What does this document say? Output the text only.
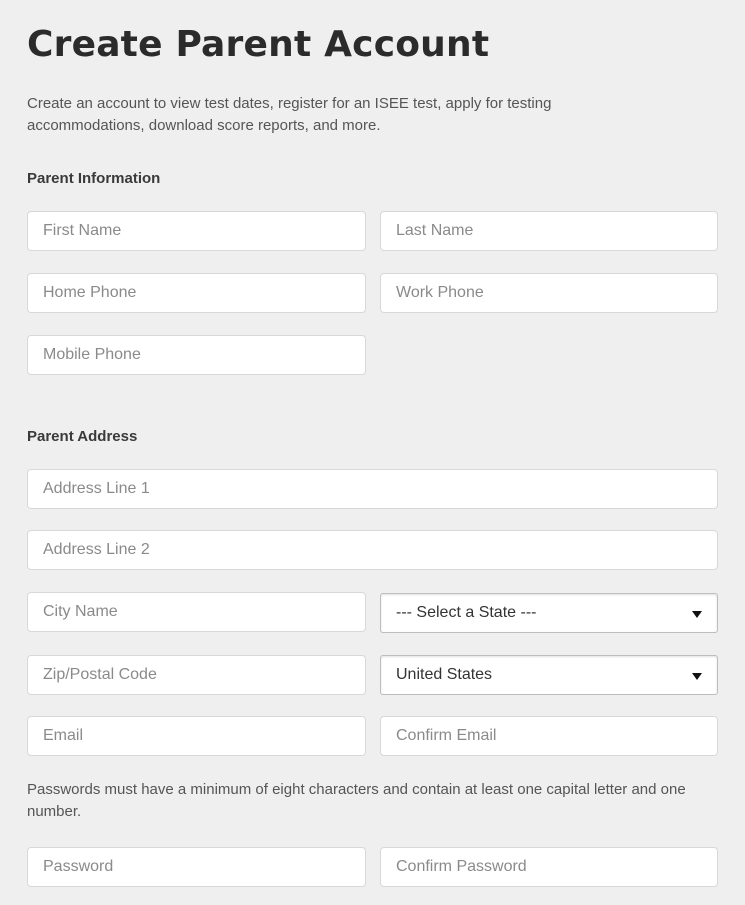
Create Parent Account

Create an account to view test dates, register for an ISEE test, apply for testing accommodations, download score reports, and more.

Parent Information

First Name
Last Name
Home Phone
Work Phone
Mobile Phone

Parent Address

Address Line 1
Address Line 2
City Name
--- Select a State ---
Zip/Postal Code
United States
Email
Confirm Email

Passwords must have a minimum of eight characters and contain at least one capital letter and one number.
